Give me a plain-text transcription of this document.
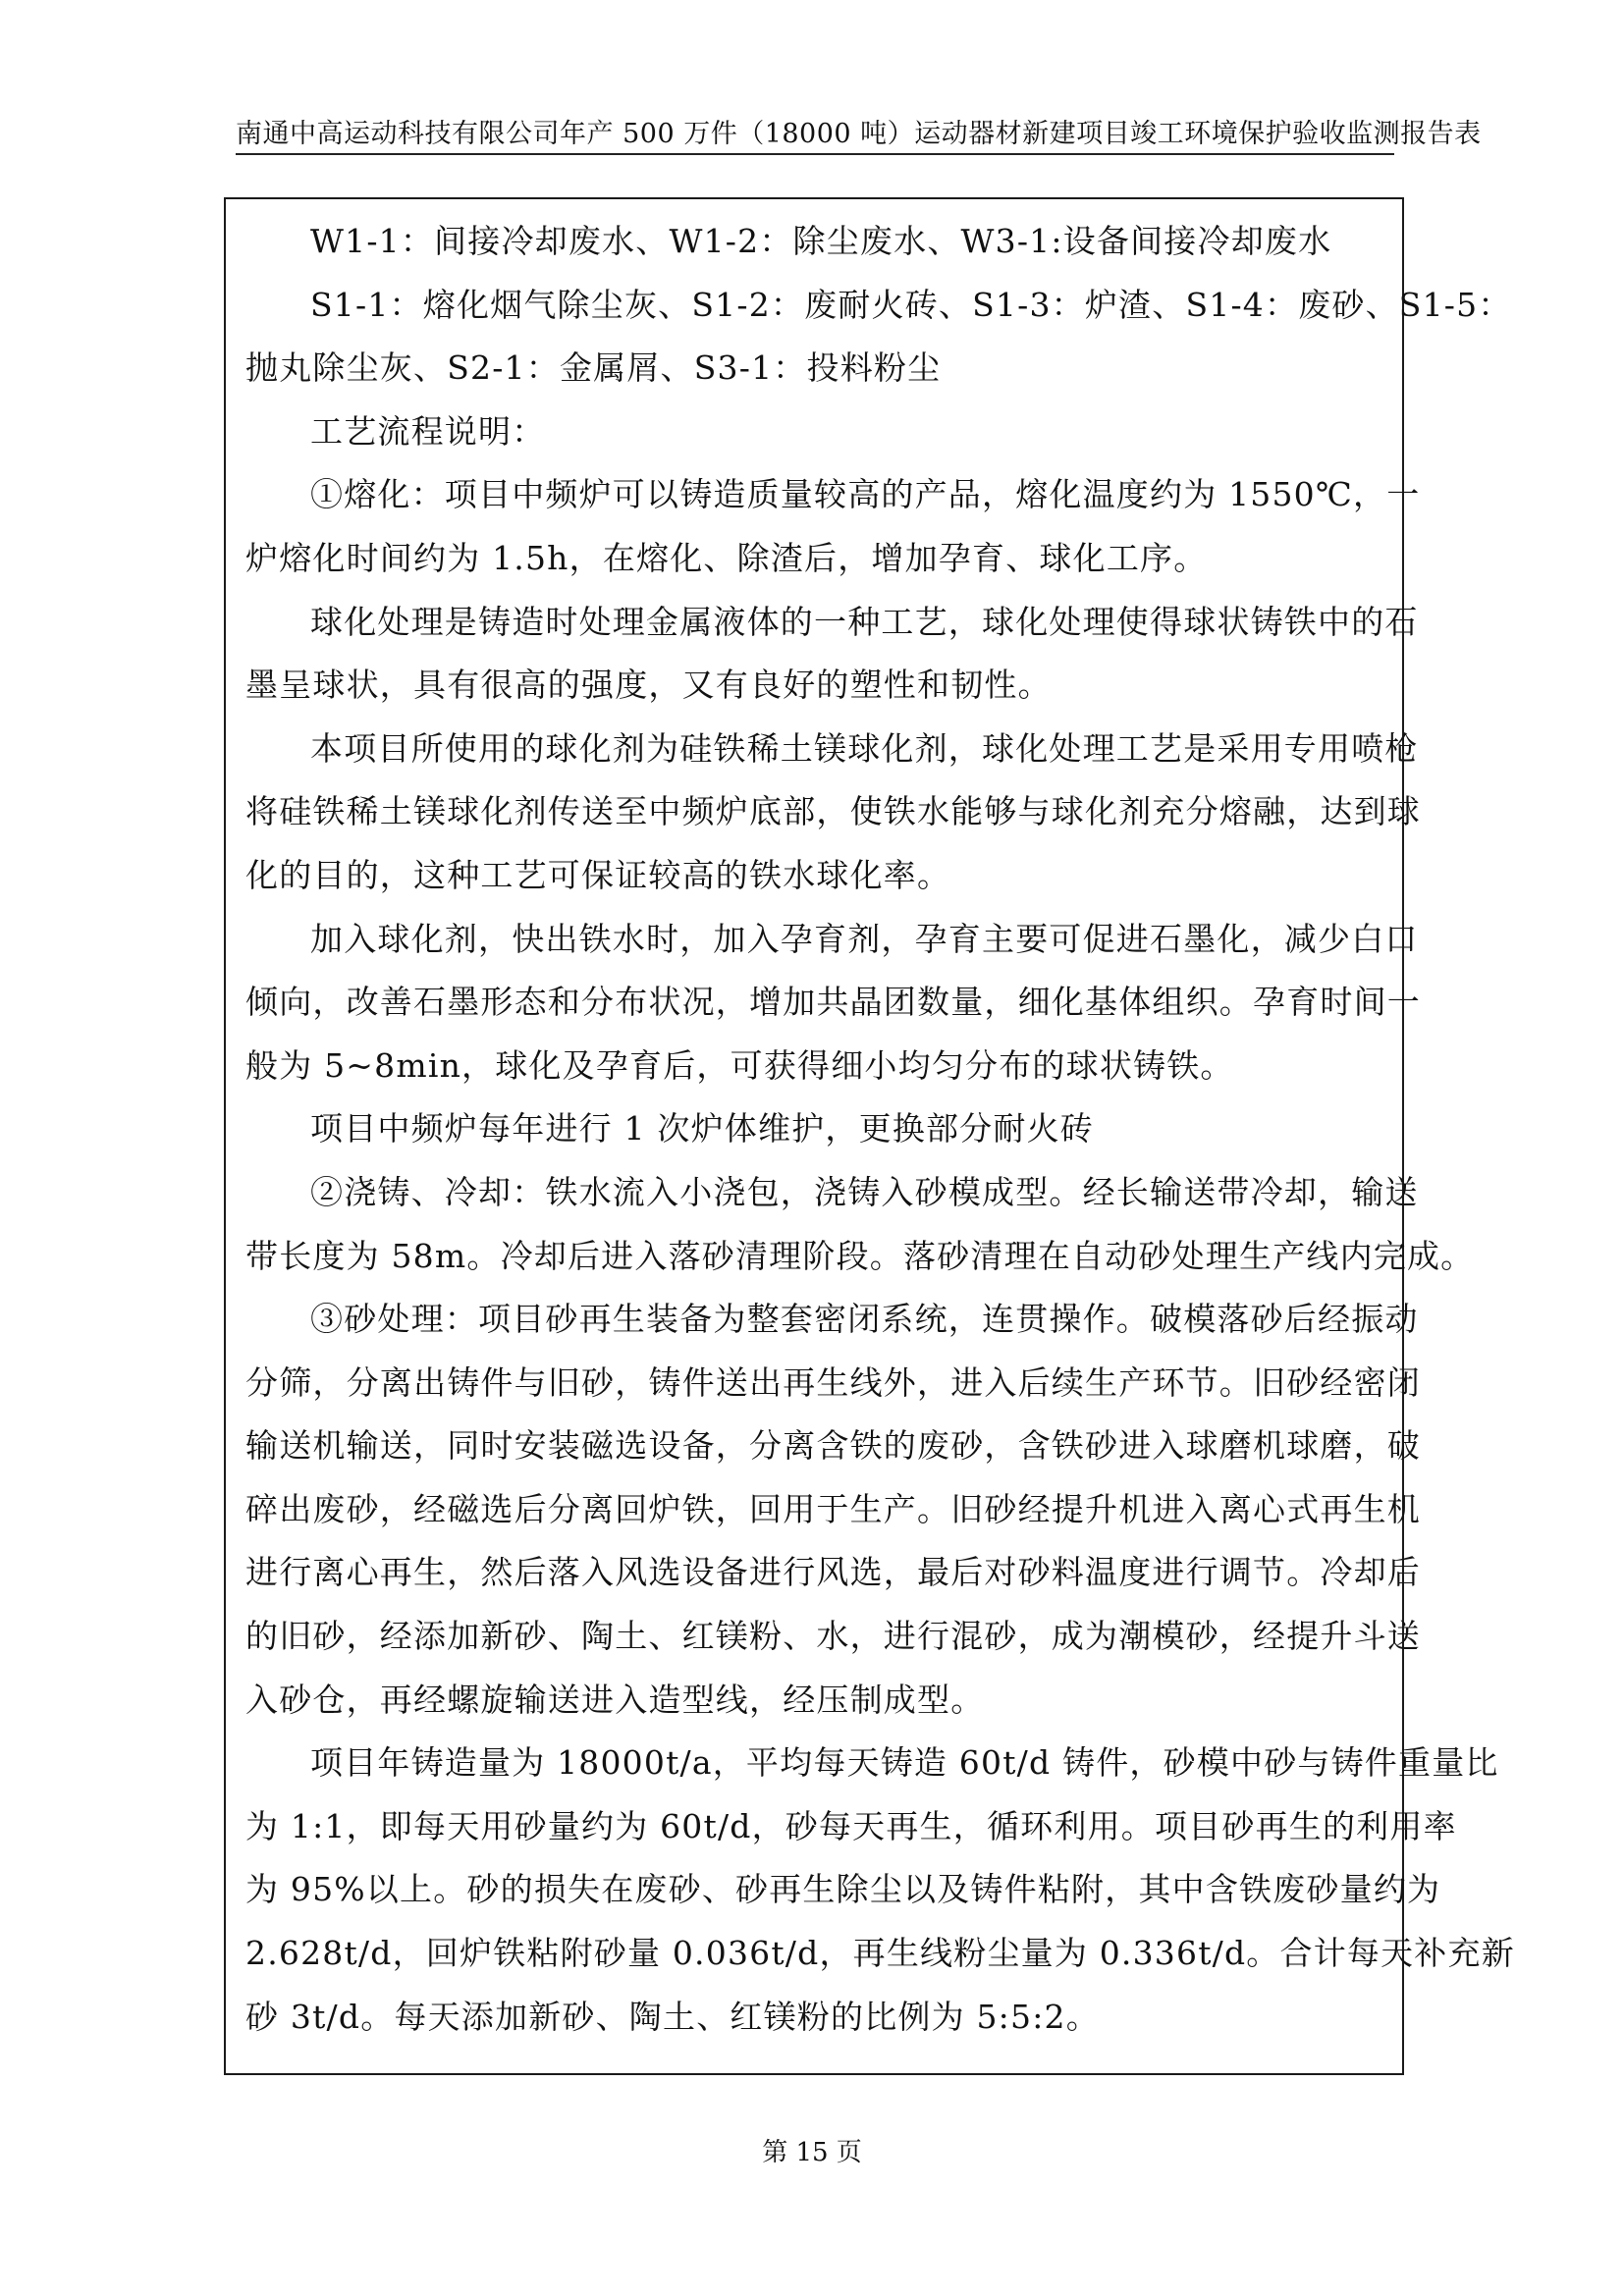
南通中高运动科技有限公司年产 500 万件（18000 吨）运动器材新建项目竣工环境保护验收监测报告表
W1-1：间接冷却废水、W1-2：除尘废水、W3-1:设备间接冷却废水
S1-1：熔化烟气除尘灰、S1-2：废耐火砖、S1-3：炉渣、S1-4：废砂、S1-5：
抛丸除尘灰、S2-1：金属屑、S3-1：投料粉尘
工艺流程说明：
①熔化：项目中频炉可以铸造质量较高的产品，熔化温度约为 1550℃，一
炉熔化时间约为 1.5h，在熔化、除渣后，增加孕育、球化工序。
球化处理是铸造时处理金属液体的一种工艺，球化处理使得球状铸铁中的石
墨呈球状，具有很高的强度，又有良好的塑性和韧性。
本项目所使用的球化剂为硅铁稀土镁球化剂，球化处理工艺是采用专用喷枪
将硅铁稀土镁球化剂传送至中频炉底部，使铁水能够与球化剂充分熔融，达到球
化的目的，这种工艺可保证较高的铁水球化率。
加入球化剂，快出铁水时，加入孕育剂，孕育主要可促进石墨化，减少白口
倾向，改善石墨形态和分布状况，增加共晶团数量，细化基体组织。孕育时间一
般为 5~8min，球化及孕育后，可获得细小均匀分布的球状铸铁。
项目中频炉每年进行 1 次炉体维护，更换部分耐火砖
②浇铸、冷却：铁水流入小浇包，浇铸入砂模成型。经长输送带冷却，输送
带长度为 58m。冷却后进入落砂清理阶段。落砂清理在自动砂处理生产线内完成。
③砂处理：项目砂再生装备为整套密闭系统，连贯操作。破模落砂后经振动
分筛，分离出铸件与旧砂，铸件送出再生线外，进入后续生产环节。旧砂经密闭
输送机输送，同时安装磁选设备，分离含铁的废砂，含铁砂进入球磨机球磨，破
碎出废砂，经磁选后分离回炉铁，回用于生产。旧砂经提升机进入离心式再生机
进行离心再生，然后落入风选设备进行风选，最后对砂料温度进行调节。冷却后
的旧砂，经添加新砂、陶土、红镁粉、水，进行混砂，成为潮模砂，经提升斗送
入砂仓，再经螺旋输送进入造型线，经压制成型。
项目年铸造量为 18000t/a，平均每天铸造 60t/d 铸件，砂模中砂与铸件重量比
为 1:1，即每天用砂量约为 60t/d，砂每天再生，循环利用。项目砂再生的利用率
为 95%以上。砂的损失在废砂、砂再生除尘以及铸件粘附，其中含铁废砂量约为
2.628t/d，回炉铁粘附砂量 0.036t/d，再生线粉尘量为 0.336t/d。合计每天补充新
砂 3t/d。每天添加新砂、陶土、红镁粉的比例为 5:5:2。
第 15 页
